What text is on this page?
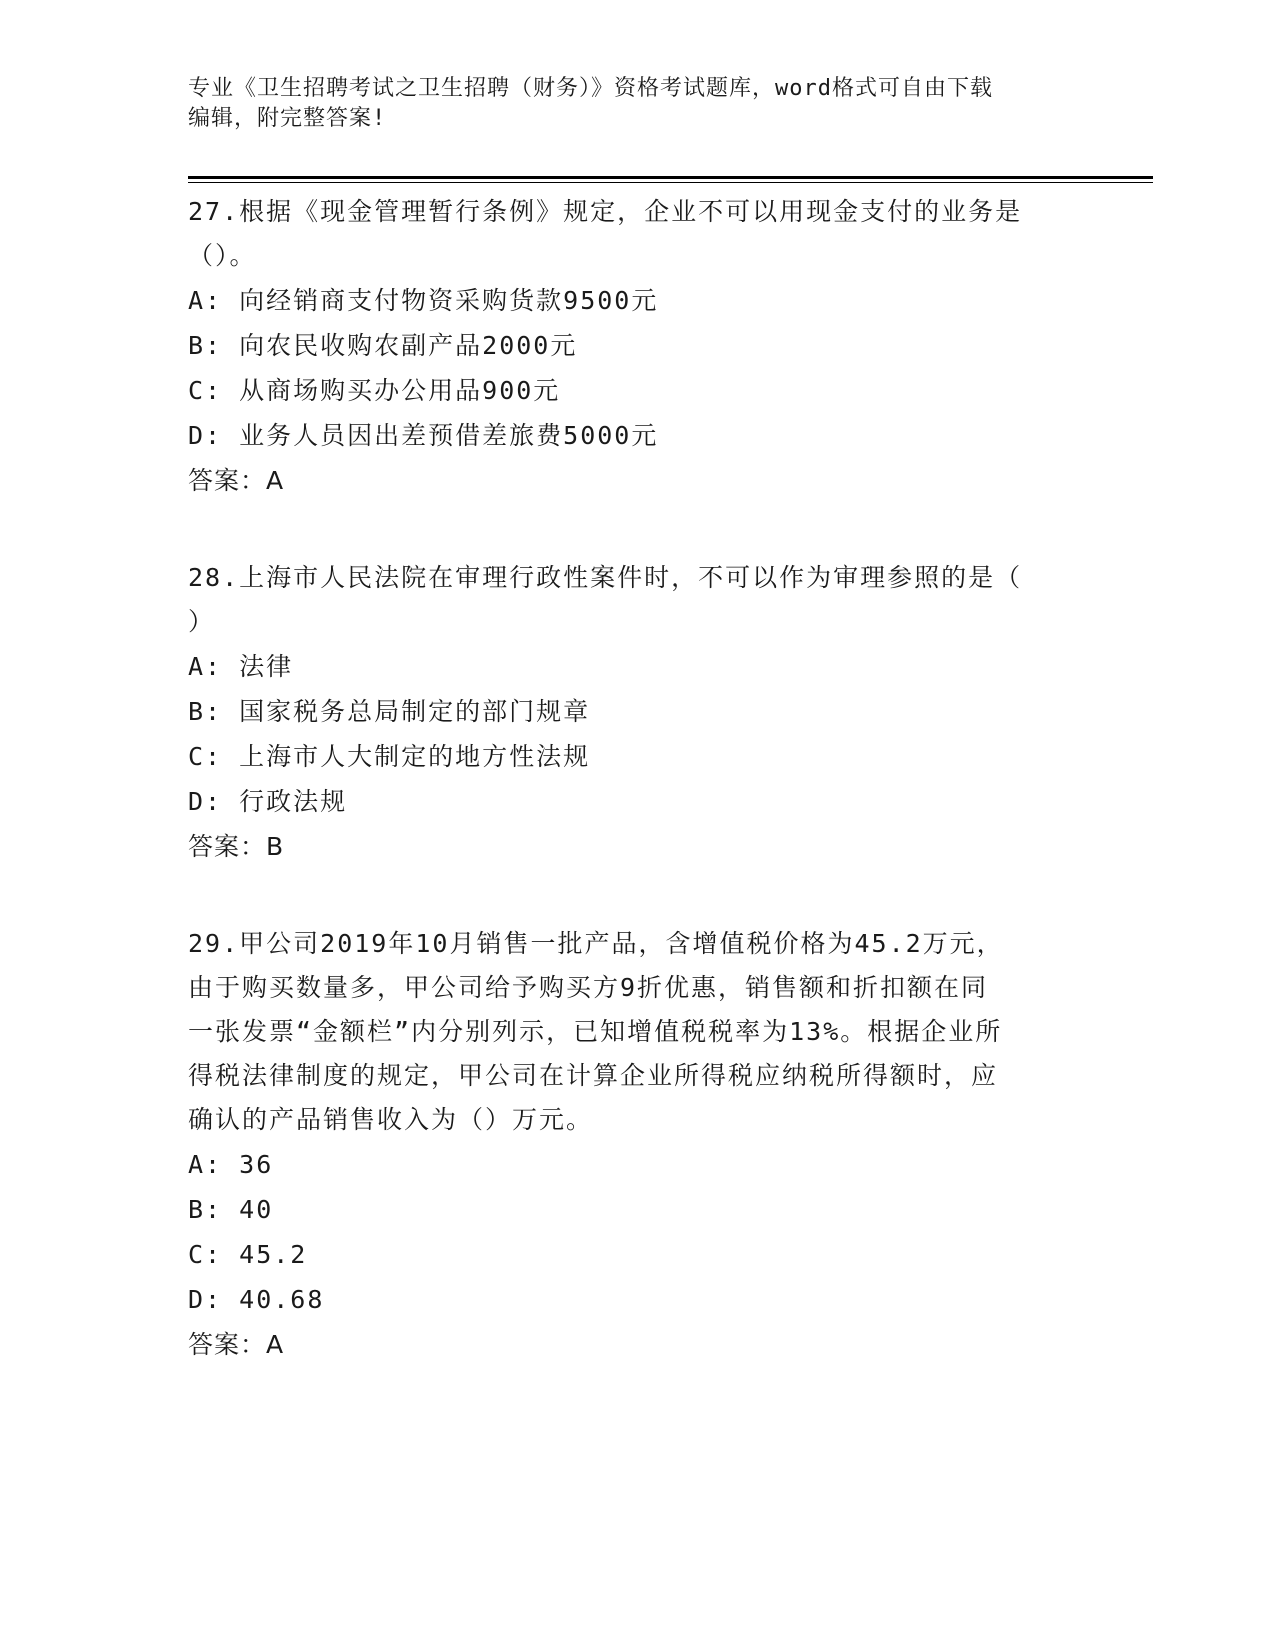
专业《卫生招聘考试之卫生招聘（财务）》资格考试题库，word格式可自由下载
编辑，附完整答案!
27.根据《现金管理暂行条例》规定，企业不可以用现金支付的业务是
（）。
A: 向经销商支付物资采购货款9500元
B: 向农民收购农副产品2000元
C: 从商场购买办公用品900元
D: 业务人员因出差预借差旅费5000元
答案：A
28.上海市人民法院在审理行政性案件时，不可以作为审理参照的是（
）
A: 法律
B: 国家税务总局制定的部门规章
C: 上海市人大制定的地方性法规
D: 行政法规
答案：B
29.甲公司2019年10月销售一批产品，含增值税价格为45.2万元，
由于购买数量多，甲公司给予购买方9折优惠，销售额和折扣额在同
一张发票“金额栏”内分别列示，已知增值税税率为13%。根据企业所
得税法律制度的规定，甲公司在计算企业所得税应纳税所得额时，应
确认的产品销售收入为（）万元。
A: 36
B: 40
C: 45.2
D: 40.68
答案：A
